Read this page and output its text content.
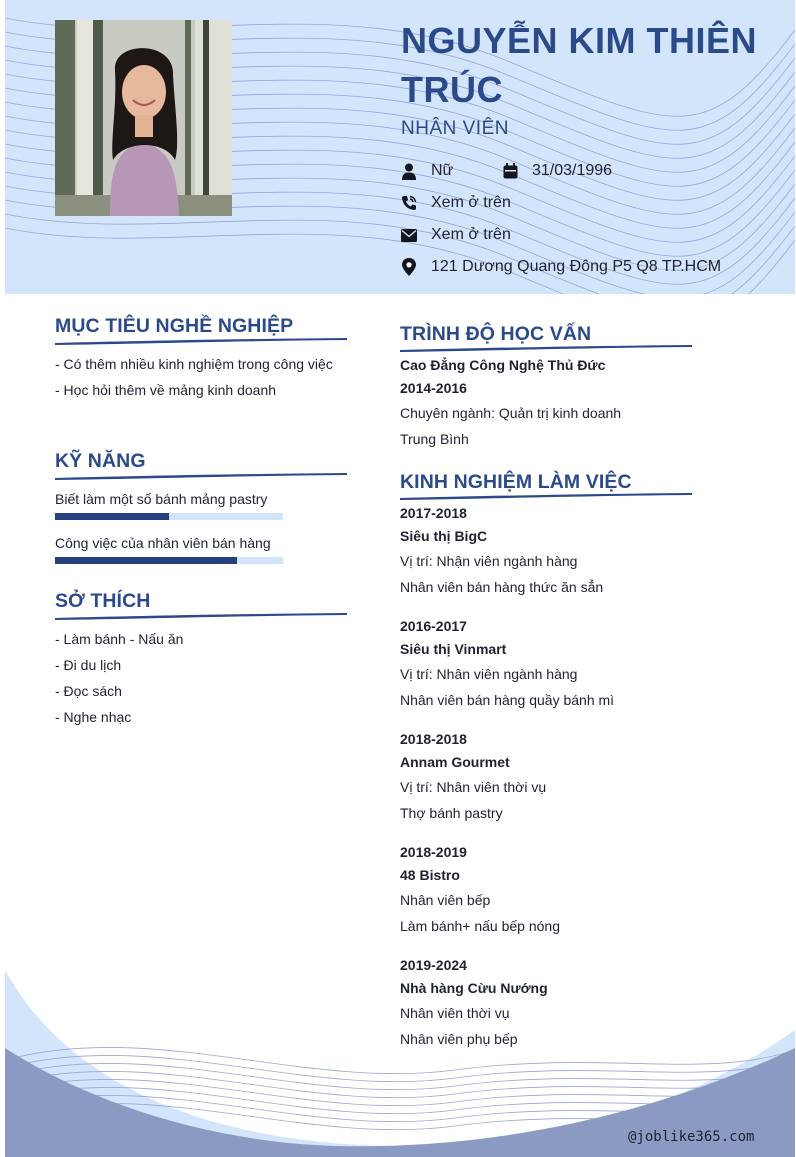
NGUYỄN KIM THIÊN TRÚC
NHÂN VIÊN
Nữ	31/03/1996
Xem ở trên
Xem ở trên
121 Dương Quang Đông P5 Q8 TP.HCM
MỤC TIÊU NGHỀ NGHIỆP
- Có thêm nhiều kinh nghiệm trong công việc
- Học hỏi thêm về mảng kinh doanh
KỸ NĂNG
Biết làm một số bánh mảng pastry
Công việc của nhân viên bán hàng
SỞ THÍCH
- Làm bánh - Nấu ăn
- Đi du lịch
- Đọc sách
- Nghe nhạc
TRÌNH ĐỘ HỌC VẤN
Cao Đẳng Công Nghệ Thủ Đức
2014-2016
Chuyên ngành: Quản trị kinh doanh
Trung Bình
KINH NGHIỆM LÀM VIỆC
2017-2018
Siêu thị BigC
Vị trí: Nhận viên ngành hàng
Nhân viên bán hàng thức ăn sẳn
2016-2017
Siêu thị Vinmart
Vị trí: Nhân viên ngành hàng
Nhân viên bán hàng quầy bánh mì
2018-2018
Annam Gourmet
Vị trí: Nhân viên thời vụ
Thợ bánh pastry
2018-2019
48 Bistro
Nhân viên bếp
Làm bánh+ nấu bếp nóng
2019-2024
Nhà hàng Cừu Nướng
Nhân viên thời vụ
Nhân viên phụ bếp
@joblike365.com
